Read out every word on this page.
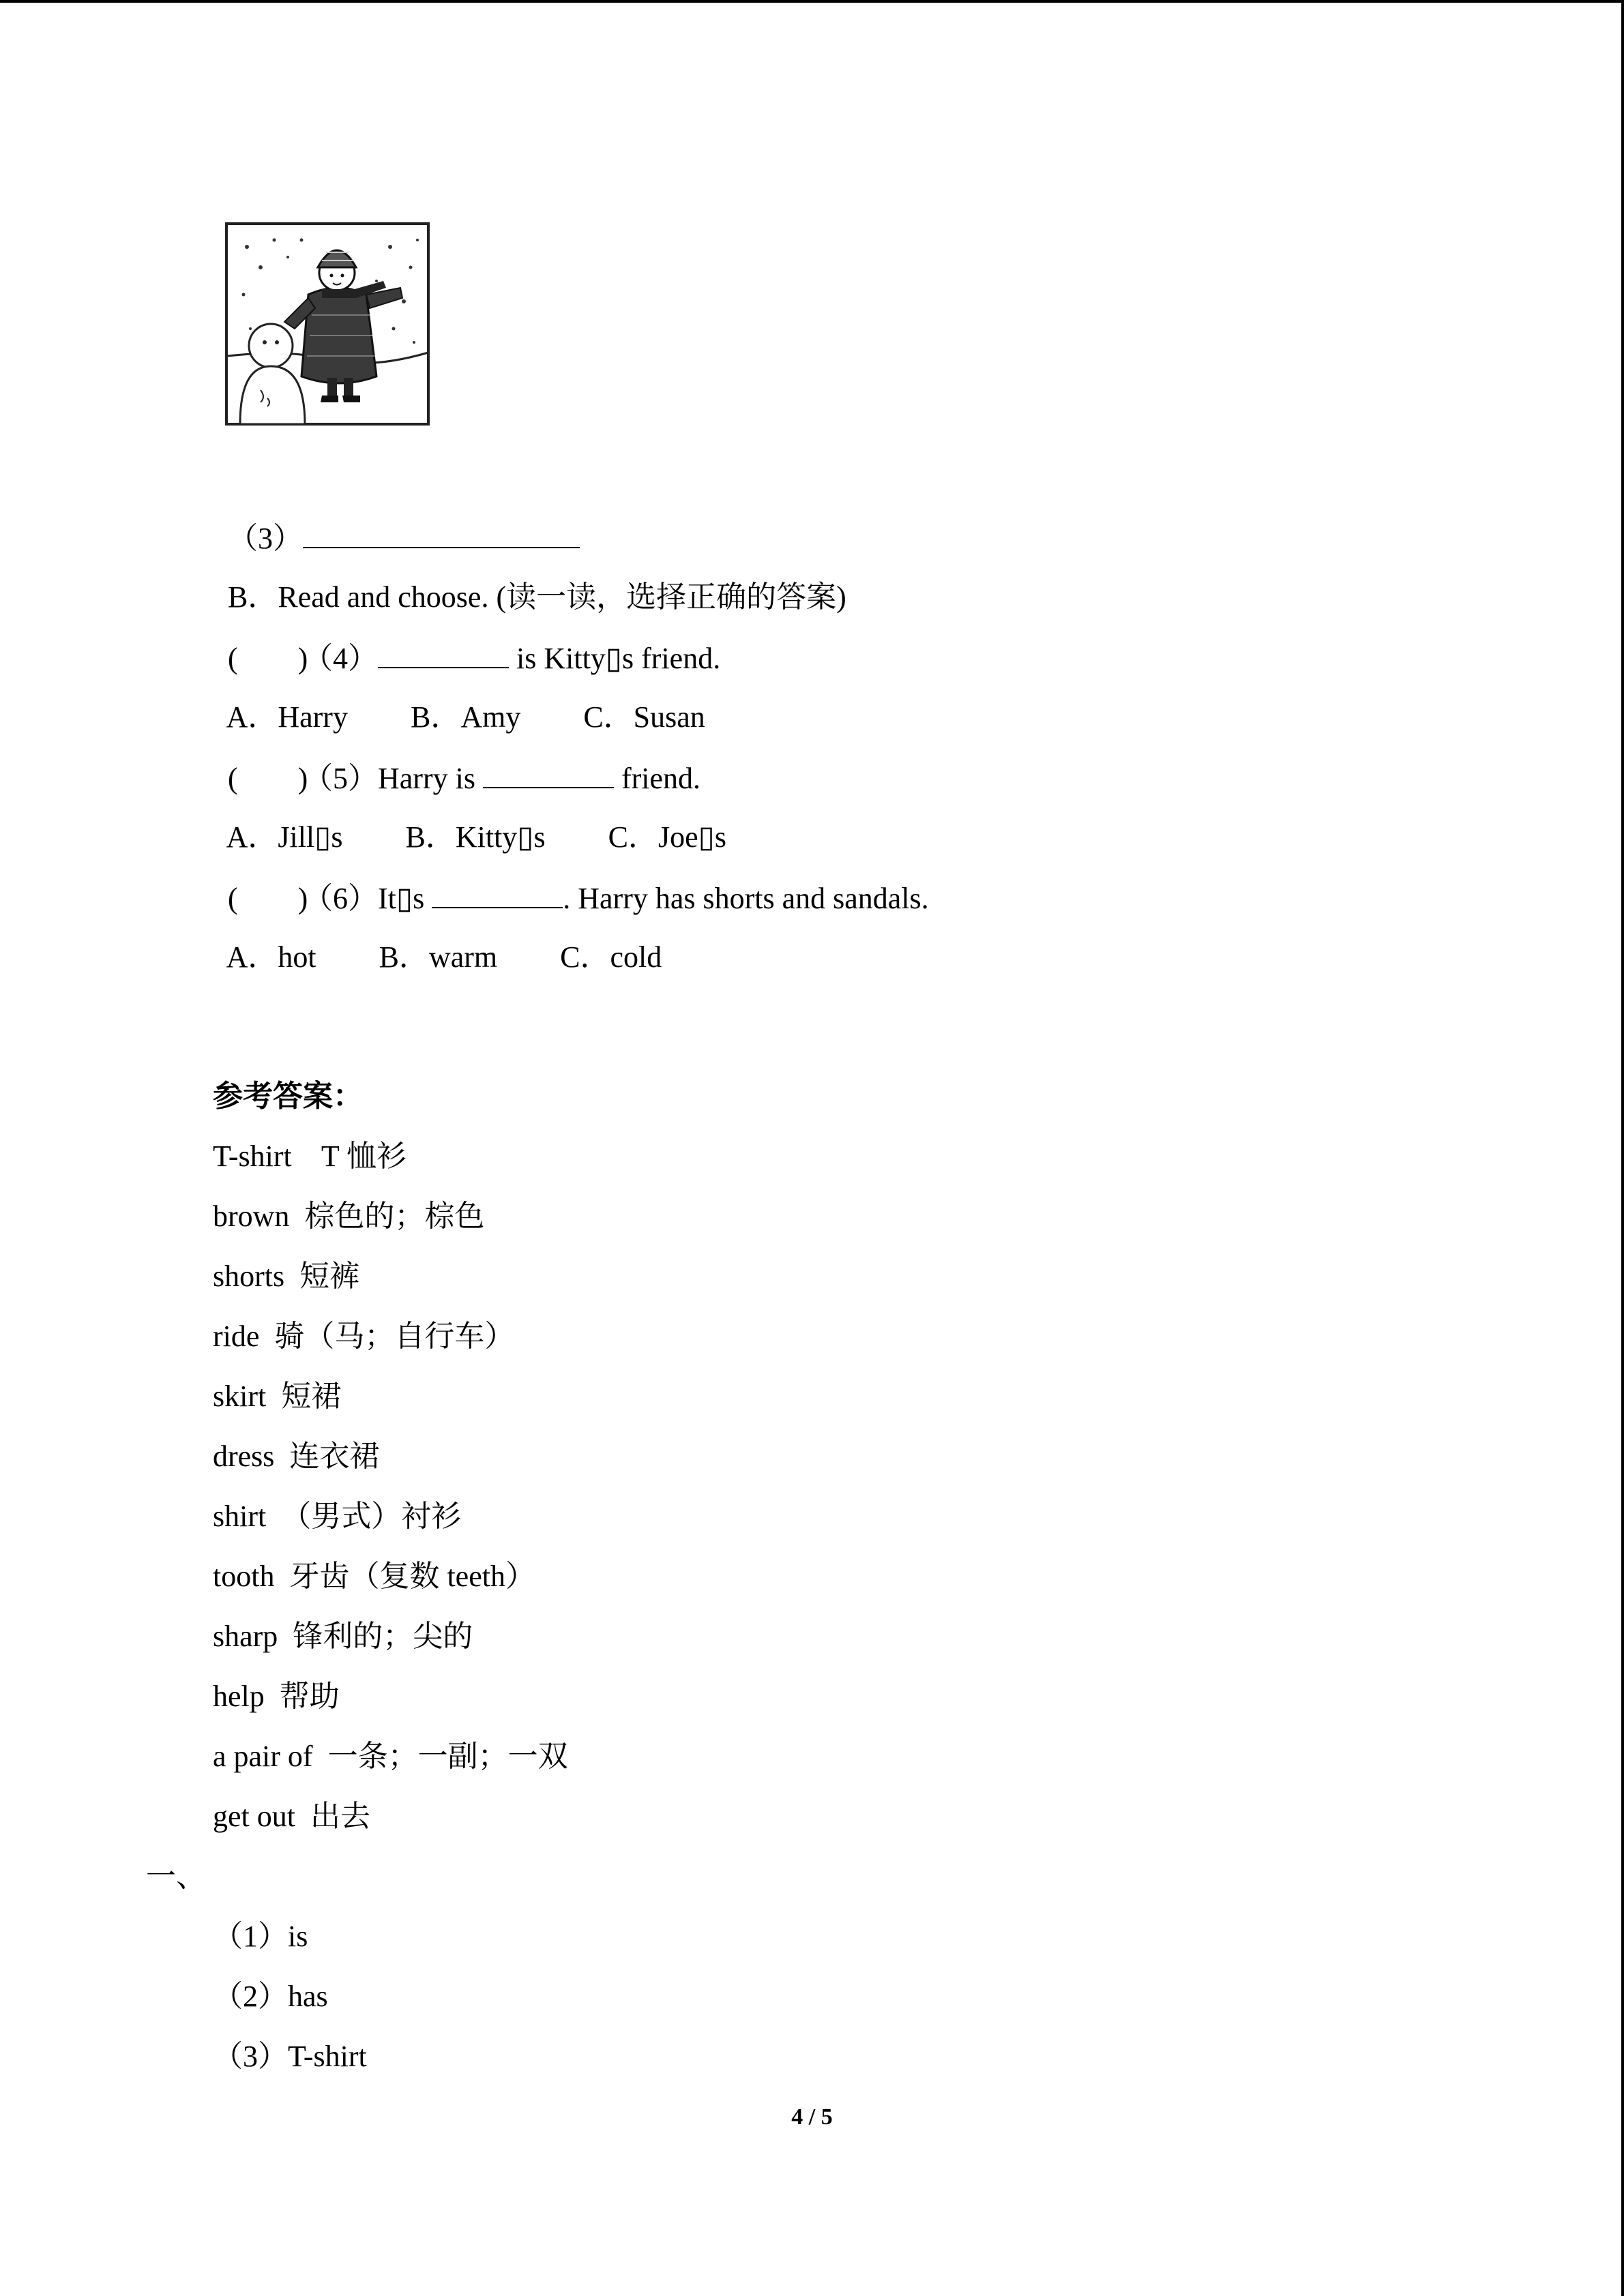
（3）

B．Read and choose. (读一读，选择正确的答案)

(　　)（4）	is Kitty▯s friend.

A．Harry B．Amy C．Susan

(　　)（5）Harry is	friend.

A．Jill▯s B．Kitty▯s C．Joe▯s

(　　)（6）It▯s	. Harry has shorts and sandals.

A．hot B．warm C．cold

参考答案：
T-shirt    T 恤衫
brown  棕色的；棕色
shorts  短裤
ride  骑（马；自行车）
skirt  短裙
dress  连衣裙
shirt  （男式）衬衫
tooth  牙齿（复数 teeth）
sharp  锋利的；尖的
help  帮助
a pair of  一条；一副；一双
get out  出去
一、
（1）is
（2）has
（3）T-shirt
4 / 5
